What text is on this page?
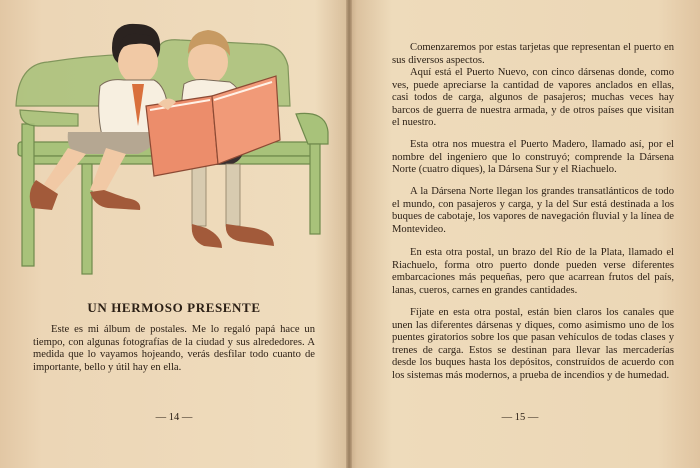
UN HERMOSO PRESENTE

Este es mi álbum de postales. Me lo regaló papá hace un tiempo, con algunas fotografías de la ciudad y sus alrededores. A medida que lo vayamos hojeando, verás desfilar todo cuanto de importante, bello y útil hay en ella.

— 14 —

Comenzaremos por estas tarjetas que representan el puerto en sus diversos aspectos.

Aquí está el Puerto Nuevo, con cinco dársenas donde, como ves, puede apreciarse la cantidad de vapores anclados en ellas, casi todos de carga, algunos de pasajeros; muchas veces hay barcos de guerra de nuestra armada, y de otros países que visitan el nuestro.

Esta otra nos muestra el Puerto Madero, llamado así, por el nombre del ingeniero que lo construyó; comprende la Dársena Norte (cuatro diques), la Dársena Sur y el Riachuelo.

A la Dársena Norte llegan los grandes transatlánticos de todo el mundo, con pasajeros y carga, y la del Sur está destinada a los buques de cabotaje, los vapores de navegación fluvial y la línea de Montevideo.

En esta otra postal, un brazo del Río de la Plata, llamado el Riachuelo, forma otro puerto donde pueden verse diferentes embarcaciones más pequeñas, pero que acarrean frutos del país, lanas, cueros, carnes en grandes cantidades.

Fíjate en esta otra postal, están bien claros los canales que unen las diferentes dársenas y diques, como asimismo uno de los puentes giratorios sobre los que pasan vehículos de todas clases y trenes de carga. Estos se destinan para llevar las mercaderías desde los buques hasta los depósitos, construídos de acuerdo con los sistemas más modernos, a prueba de incendios y de humedad.

— 15 —
